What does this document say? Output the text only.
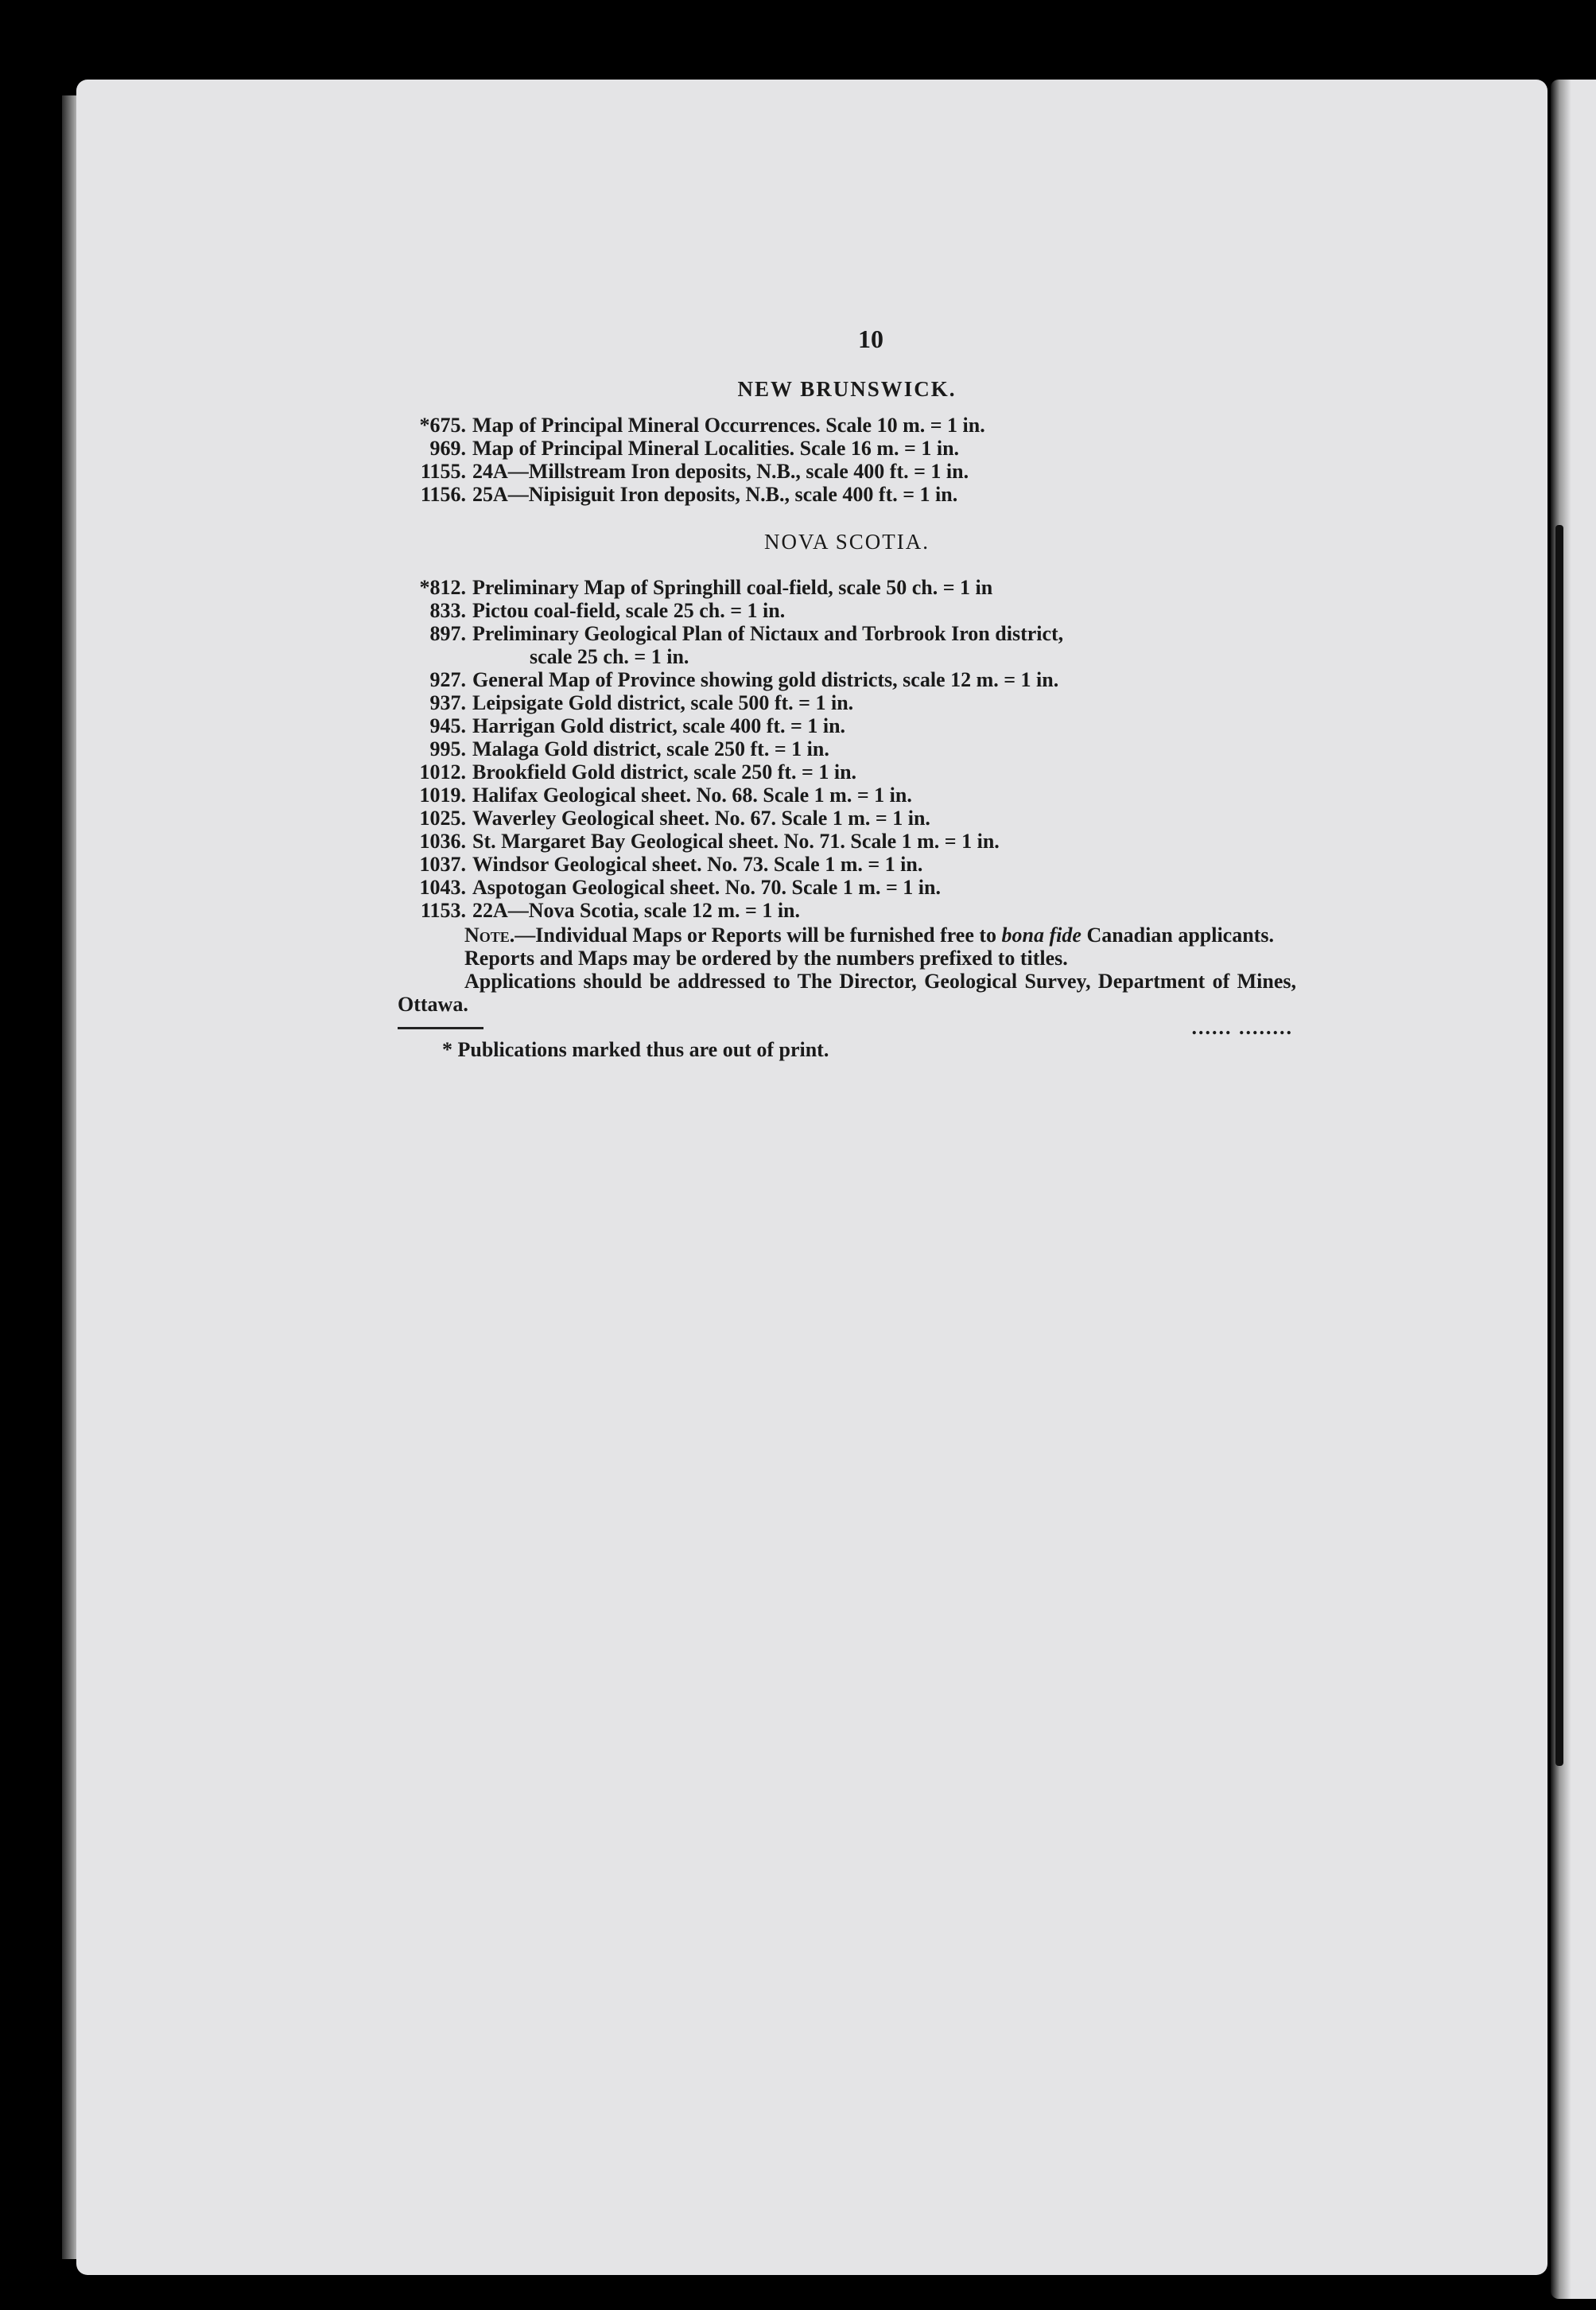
10
NEW BRUNSWICK.
*675. Map of Principal Mineral Occurrences. Scale 10 m. = 1 in.
969. Map of Principal Mineral Localities. Scale 16 m. = 1 in.
1155. 24A—Millstream Iron deposits, N.B., scale 400 ft. = 1 in.
1156. 25A—Nipisiguit Iron deposits, N.B., scale 400 ft. = 1 in.
NOVA SCOTIA.
*812. Preliminary Map of Springhill coal-field, scale 50 ch. = 1 in
833. Pictou coal-field, scale 25 ch. = 1 in.
897. Preliminary Geological Plan of Nictaux and Torbrook Iron district,
scale 25 ch. = 1 in.
927. General Map of Province showing gold districts, scale 12 m. = 1 in.
937. Leipsigate Gold district, scale 500 ft. = 1 in.
945. Harrigan Gold district, scale 400 ft. = 1 in.
995. Malaga Gold district, scale 250 ft. = 1 in.
1012. Brookfield Gold district, scale 250 ft. = 1 in.
1019. Halifax Geological sheet. No. 68. Scale 1 m. = 1 in.
1025. Waverley Geological sheet. No. 67. Scale 1 m. = 1 in.
1036. St. Margaret Bay Geological sheet. No. 71. Scale 1 m. = 1 in.
1037. Windsor Geological sheet. No. 73. Scale 1 m. = 1 in.
1043. Aspotogan Geological sheet. No. 70. Scale 1 m. = 1 in.
1153. 22A—Nova Scotia, scale 12 m. = 1 in.

Note.—Individual Maps or Reports will be furnished free to bona fide Canadian applicants.

Reports and Maps may be ordered by the numbers prefixed to titles.

Applications should be addressed to The Director, Geological Survey, Department of Mines, Ottawa.

...... ........
* Publications marked thus are out of print.
